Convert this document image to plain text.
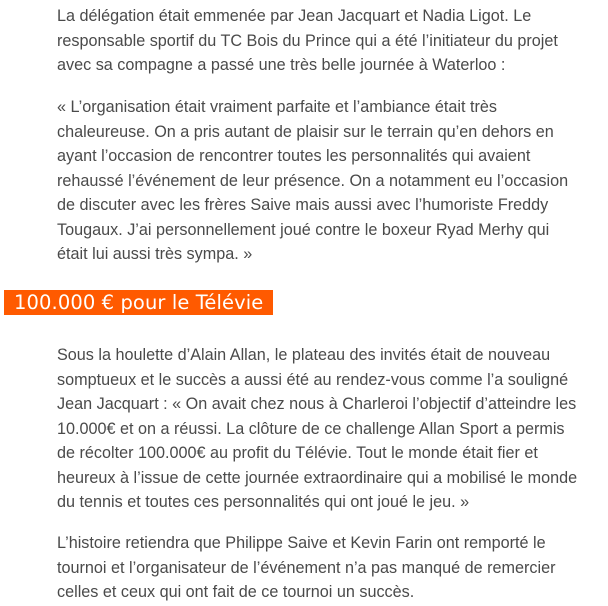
La délégation était emmenée par Jean Jacquart et Nadia Ligot. Le
responsable sportif du TC Bois du Prince qui a été l’initiateur du projet
avec sa compagne a passé une très belle journée à Waterloo :

« L’organisation était vraiment parfaite et l’ambiance était très
chaleureuse. On a pris autant de plaisir sur le terrain qu’en dehors en
ayant l’occasion de rencontrer toutes les personnalités qui avaient
rehaussé l’événement de leur présence. On a notamment eu l’occasion
de discuter avec les frères Saive mais aussi avec l’humoriste Freddy
Tougaux. J’ai personnellement joué contre le boxeur Ryad Merhy qui
était lui aussi très sympa. »

100.000 € pour le Télévie

Sous la houlette d’Alain Allan, le plateau des invités était de nouveau
somptueux et le succès a aussi été au rendez-vous comme l’a souligné
Jean Jacquart : « On avait chez nous à Charleroi l’objectif d’atteindre les
10.000€ et on a réussi. La clôture de ce challenge Allan Sport a permis
de récolter 100.000€ au profit du Télévie. Tout le monde était fier et
heureux à l’issue de cette journée extraordinaire qui a mobilisé le monde
du tennis et toutes ces personnalités qui ont joué le jeu. »

L’histoire retiendra que Philippe Saive et Kevin Farin ont remporté le
tournoi et l’organisateur de l’événement n’a pas manqué de remercier
celles et ceux qui ont fait de ce tournoi un succès.
